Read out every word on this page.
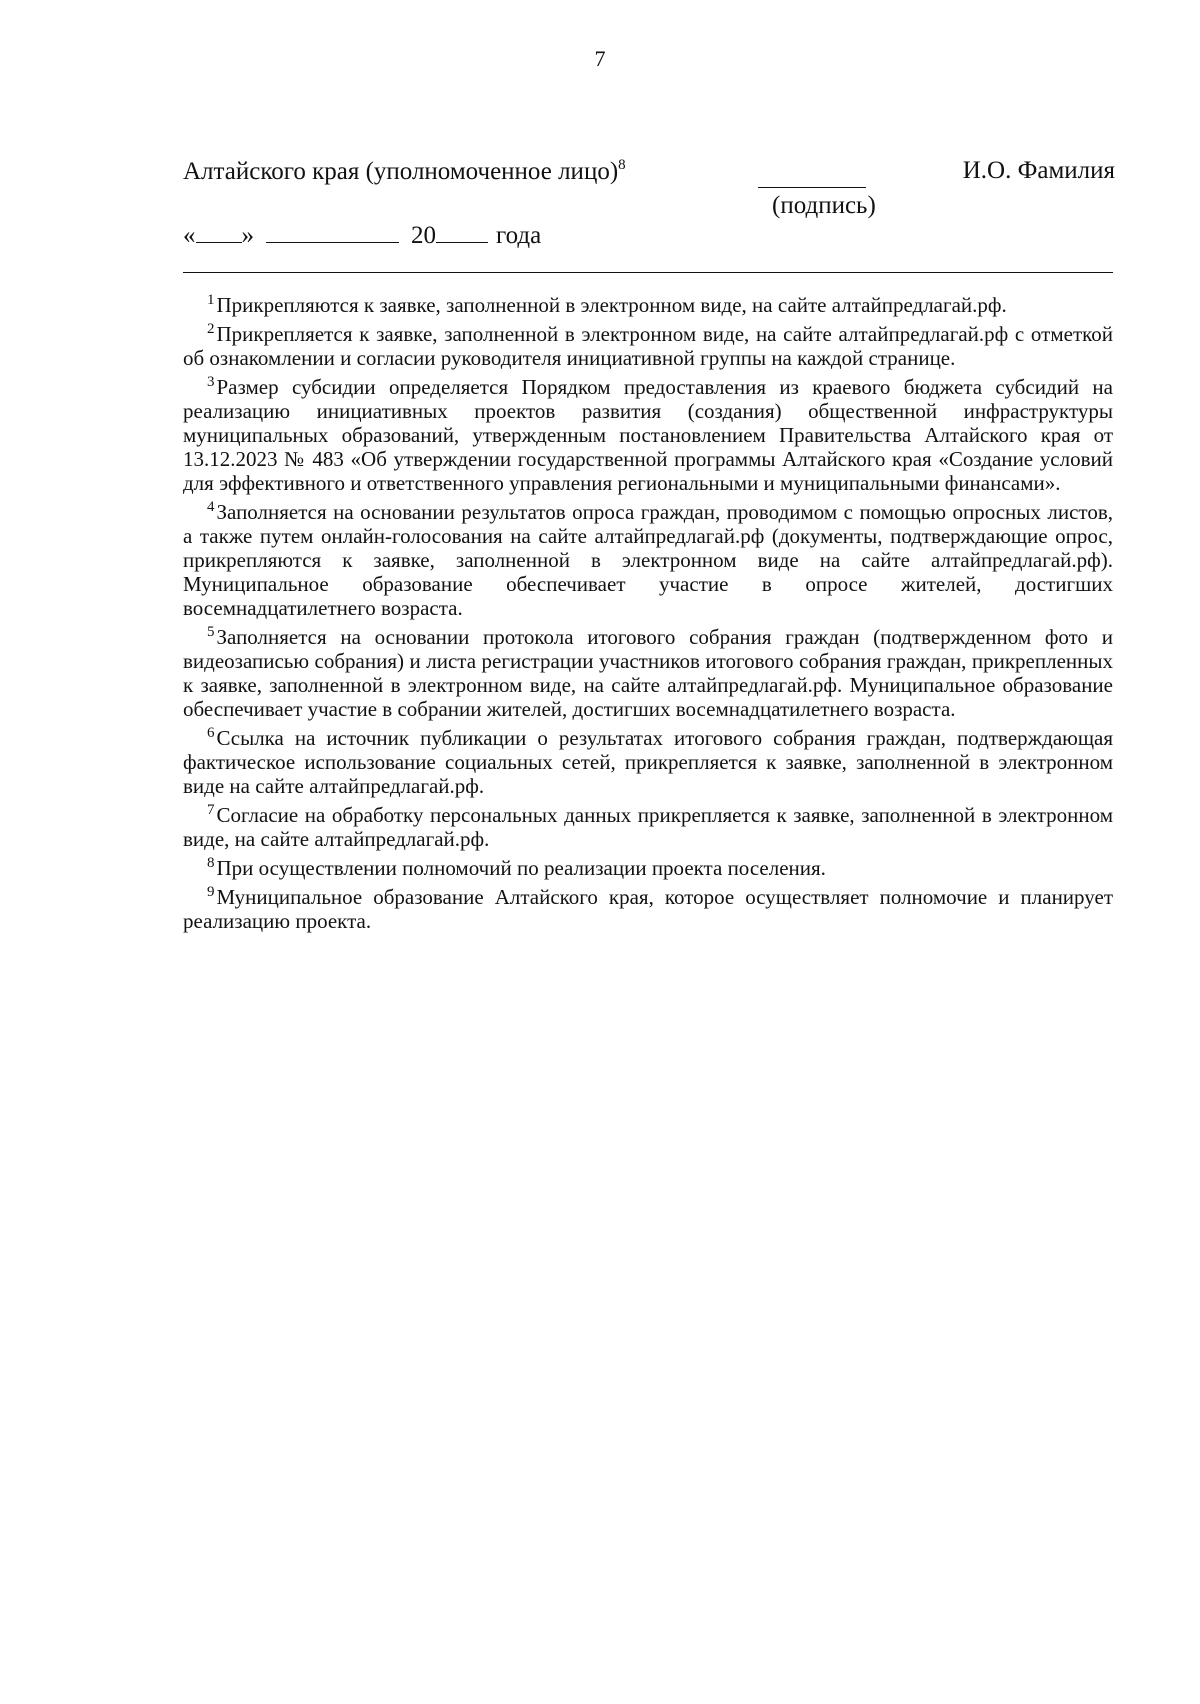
7
Алтайского края (уполномоченное лицо)$^8$
(подпись)
И.О. Фамилия
« »	20 года

$^1$Прикрепляются к заявке, заполненной в электронном виде, на сайте алтайпредлагай.рф.

$^2$Прикрепляется к заявке, заполненной в электронном виде, на сайте алтайпредлагай.рф с отметкой об ознакомлении и согласии руководителя инициативной группы на каждой странице.

$^3$Размер субсидии определяется Порядком предоставления из краевого бюджета субсидий на реализацию инициативных проектов развития (создания) общественной инфраструктуры муниципальных образований, утвержденным постановлением Правительства Алтайского края от 13.12.2023 № 483 «Об утверждении государственной программы Алтайского края «Создание условий для эффективного и ответственного управления региональными и муниципальными финансами».

$^4$Заполняется на основании результатов опроса граждан, проводимом с помощью опросных листов, а также путем онлайн-голосования на сайте алтайпредлагай.рф (документы, подтверждающие опрос, прикрепляются к заявке, заполненной в электронном виде на сайте алтайпредлагай.рф). Муниципальное образование обеспечивает участие в опросе жителей, достигших восемнадцатилетнего возраста.

$^5$Заполняется на основании протокола итогового собрания граждан (подтвержденном фото и видеозаписью собрания) и листа регистрации участников итогового собрания граждан, прикрепленных к заявке, заполненной в электронном виде, на сайте алтайпредлагай.рф. Муниципальное образование обеспечивает участие в собрании жителей, достигших восемнадцатилетнего возраста.

$^6$Ссылка на источник публикации о результатах итогового собрания граждан, подтверждающая фактическое использование социальных сетей, прикрепляется к заявке, заполненной в электронном виде на сайте алтайпредлагай.рф.

$^7$Согласие на обработку персональных данных прикрепляется к заявке, заполненной в электронном виде, на сайте алтайпредлагай.рф.

$^8$При осуществлении полномочий по реализации проекта поселения.

$^9$Муниципальное образование Алтайского края, которое осуществляет полномочие и планирует реализацию проекта.
